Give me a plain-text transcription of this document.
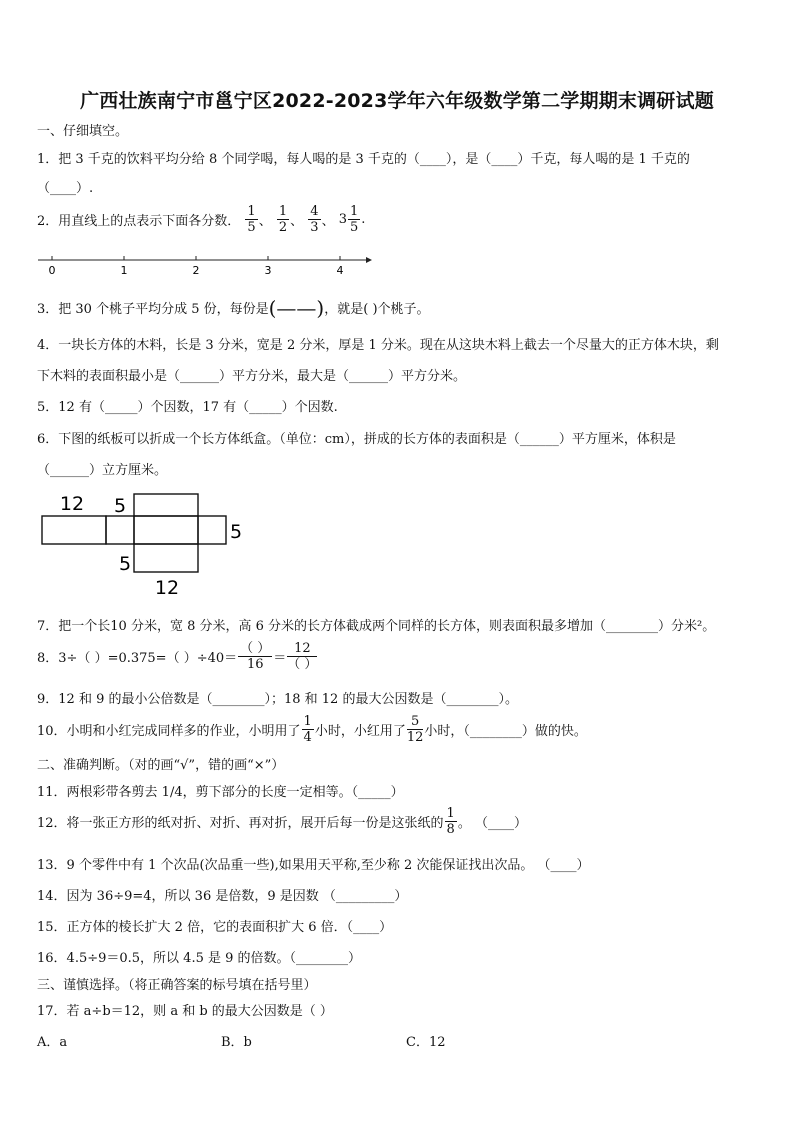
广西壮族南宁市邕宁区2022-2023学年六年级数学第二学期期末调研试题
一、仔细填空。
1．把 3 千克的饮料平均分给 8 个同学喝，每人喝的是 3 千克的（____），是（____）千克，每人喝的是 1 千克的
（____）.
2．用直线上的点表示下面各分数． $\frac{1}{5}$ 、 $\frac{1}{2}$ 、 $\frac{4}{3}$ 、 $3 \frac{1}{5}$ .
0	1	2	3	4
3．把 30 个桃子平均分成 5 份，每份是(——)，就是( )个桃子。
4．一块长方体的木料，长是 3 分米，宽是 2 分米，厚是 1 分米。现在从这块木料上截去一个尽量大的正方体木块，剩
下木料的表面积最小是（______）平方分米，最大是（______）平方分米。
5．12 有（_____）个因数，17 有（_____）个因数.
6．下图的纸板可以折成一个长方体纸盒。（单位：cm），拼成的长方体的表面积是（______）平方厘米，体积是
（______）立方厘米。
12 5
5
5
12
7．把一个长10 分米，宽 8 分米，高 6 分米的长方体截成两个同样的长方体，则表面积最多增加（________）分米²。
8．3÷（ ）=0.375=（ ）$\div 40= \frac{( )}{16} = \frac{12}{( )}$
9．12 和 9 的最小公倍数是（________）；18 和 12 的最大公因数是（________）。
10．小明和小红完成同样多的作业，小明用了 $\frac{1}{4}$ 小时，小红用了 $\frac{5}{12}$ 小时，（________）做的快。
二、准确判断。（对的画“√”，错的画“×”）
11．两根彩带各剪去 1/4，剪下部分的长度一定相等。（_____）
12．将一张正方形的纸对折、对折、再对折，展开后每一份是这张纸的 $\frac{1}{8}$ 。 （____）
13．9 个零件中有 1 个次品(次品重一些),如果用天平称,至少称 2 次能保证找出次品。 （____）
14．因为 36÷9=4，所以 36 是倍数，9 是因数 （_________）
15．正方体的棱长扩大 2 倍，它的表面积扩大 6 倍．（____）
16．4.5÷9＝0.5，所以 4.5 是 9 的倍数。（________）
三、谨慎选择。（将正确答案的标号填在括号里）
17．若 a÷b＝12，则 a 和 b 的最大公因数是（ ）
A．a	B．b	C．12
